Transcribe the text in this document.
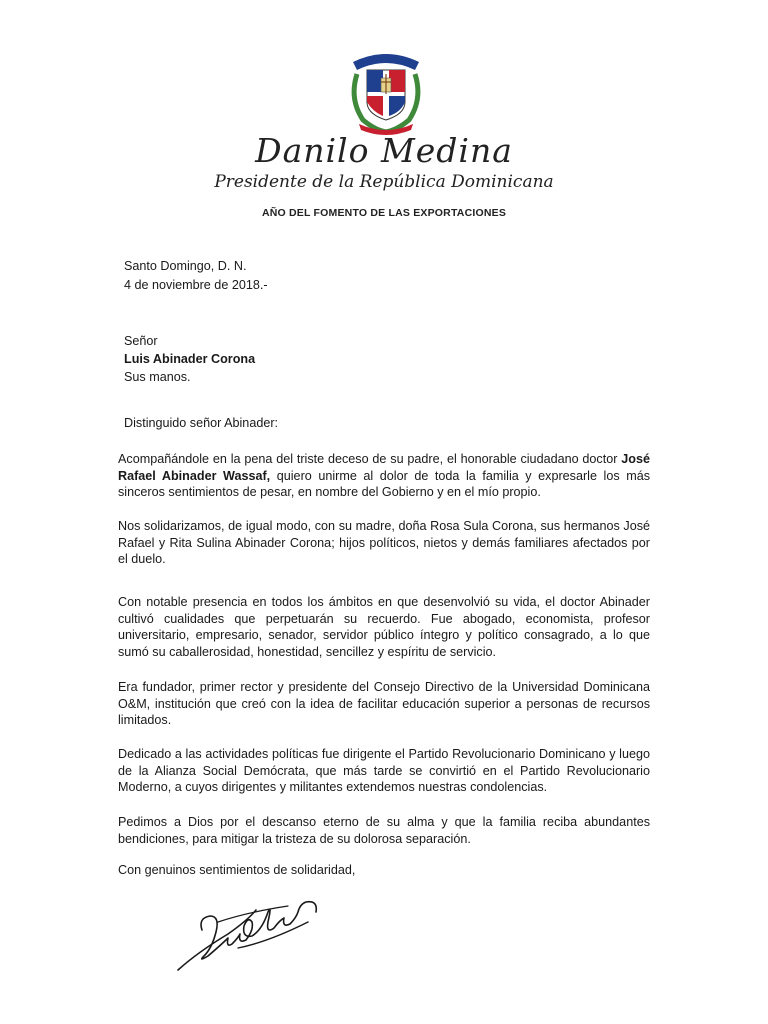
Danilo Medina
Presidente de la República Dominicana
AÑO DEL FOMENTO DE LAS EXPORTACIONES
Santo Domingo, D. N.
4 de noviembre de 2018.-
Señor
Luis Abinader Corona
Sus manos.
Distinguido señor Abinader:
Acompañándole en la pena del triste deceso de su padre, el honorable ciudadano doctor José Rafael Abinader Wassaf, quiero unirme al dolor de toda la familia y expresarle los más sinceros sentimientos de pesar, en nombre del Gobierno y en el mío propio.
Nos solidarizamos, de igual modo, con su madre, doña Rosa Sula Corona, sus hermanos José Rafael y Rita Sulina Abinader Corona; hijos políticos, nietos y demás familiares afectados por el duelo.
Con notable presencia en todos los ámbitos en que desenvolvió su vida, el doctor Abinader cultivó cualidades que perpetuarán su recuerdo. Fue abogado, economista, profesor universitario, empresario, senador, servidor público íntegro y político consagrado, a lo que sumó su caballerosidad, honestidad, sencillez y espíritu de servicio.
Era fundador, primer rector y presidente del Consejo Directivo de la Universidad Dominicana O&M, institución que creó con la idea de facilitar educación superior a personas de recursos limitados.
Dedicado a las actividades políticas fue dirigente el Partido Revolucionario Dominicano y luego de la Alianza Social Demócrata, que más tarde se convirtió en el Partido Revolucionario Moderno, a cuyos dirigentes y militantes extendemos nuestras condolencias.
Pedimos a Dios por el descanso eterno de su alma y que la familia reciba abundantes bendiciones, para mitigar la tristeza de su dolorosa separación.
Con genuinos sentimientos de solidaridad,
